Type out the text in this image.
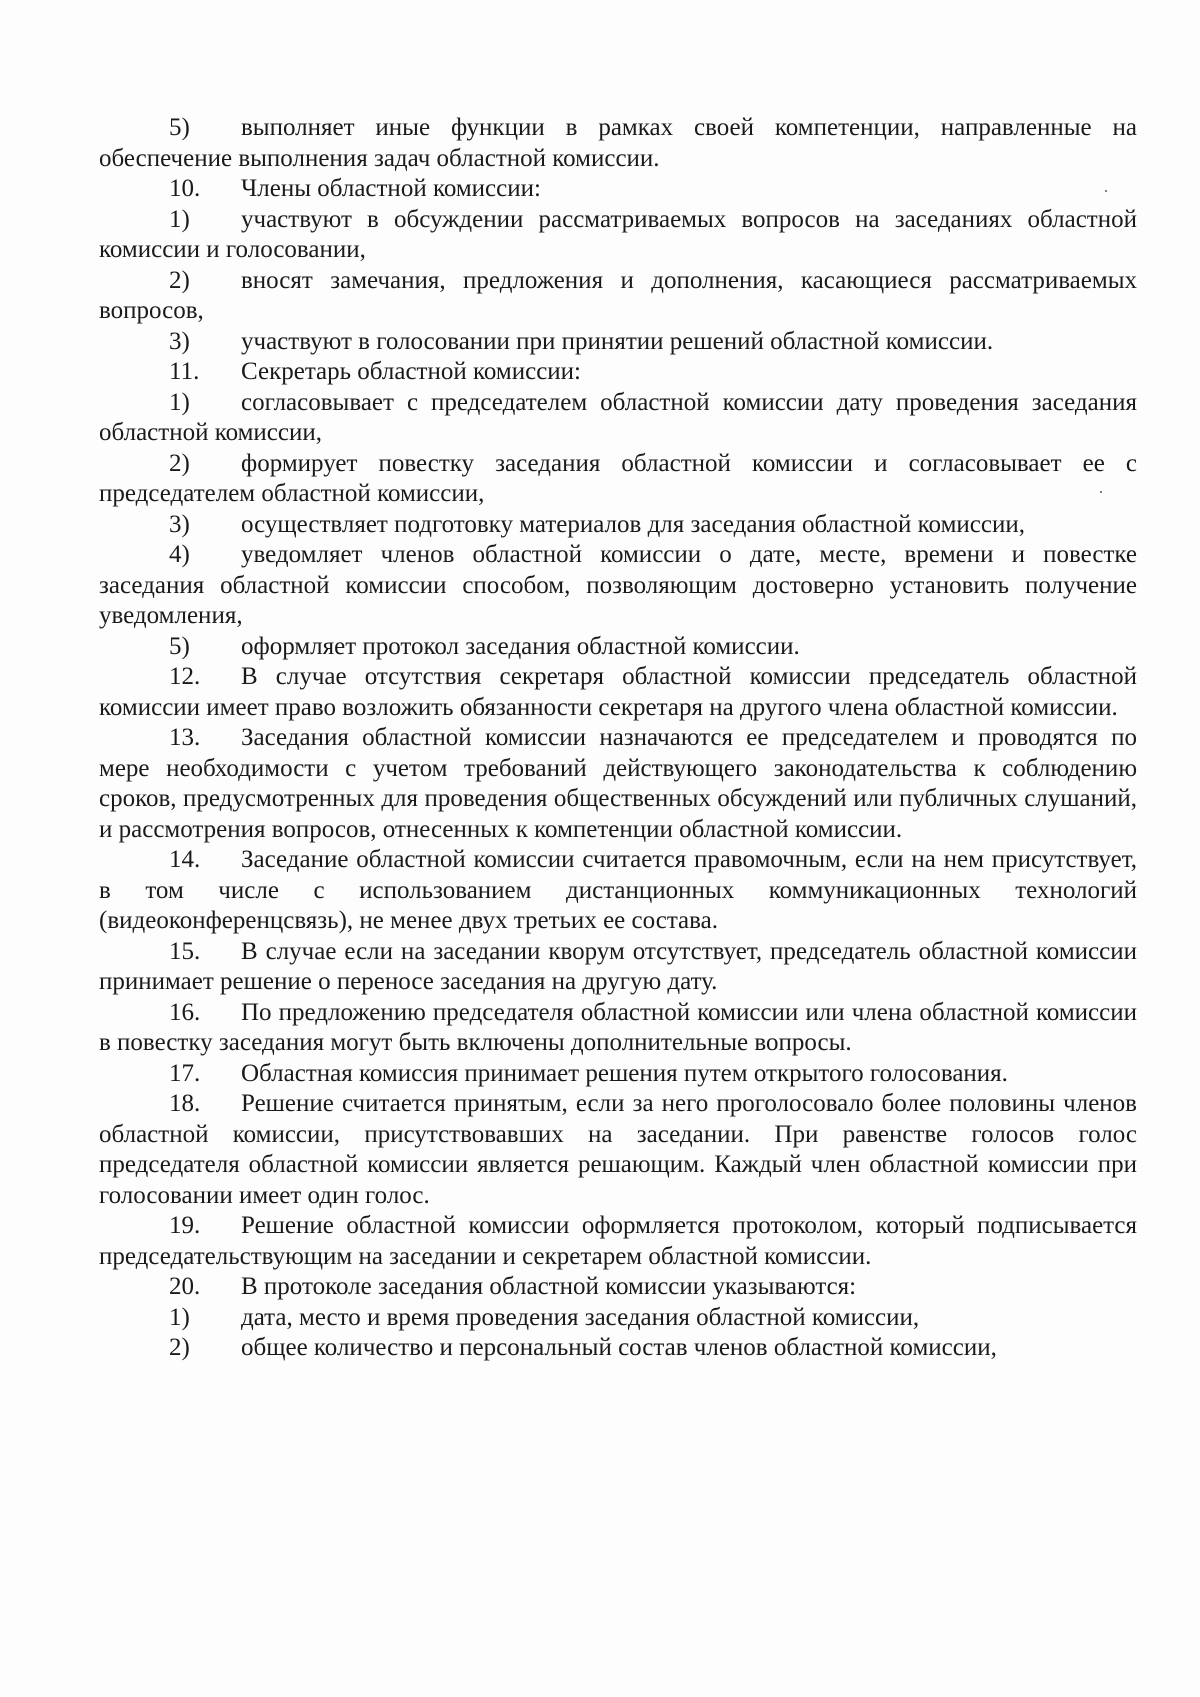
5) выполняет иные функции в рамках своей компетенции, направленные на обеспечение выполнения задач областной комиссии.

10. Члены областной комиссии:

1) участвуют в обсуждении рассматриваемых вопросов на заседаниях областной комиссии и голосовании,

2) вносят замечания, предложения и дополнения, касающиеся рассматриваемых вопросов,

3) участвуют в голосовании при принятии решений областной комиссии.

11. Секретарь областной комиссии:

1) согласовывает с председателем областной комиссии дату проведения заседания областной комиссии,

2) формирует повестку заседания областной комиссии и согласовывает ее с председателем областной комиссии,

3) осуществляет подготовку материалов для заседания областной комиссии,

4) уведомляет членов областной комиссии о дате, месте, времени и повестке заседания областной комиссии способом, позволяющим достоверно установить получение уведомления,

5) оформляет протокол заседания областной комиссии.

12. В случае отсутствия секретаря областной комиссии председатель областной комиссии имеет право возложить обязанности секретаря на другого члена областной комиссии.

13. Заседания областной комиссии назначаются ее председателем и проводятся по мере необходимости с учетом требований действующего законодательства к соблюдению сроков, предусмотренных для проведения общественных обсуждений или публичных слушаний, и рассмотрения вопросов, отнесенных к компетенции областной комиссии.

14. Заседание областной комиссии считается правомочным, если на нем присутствует, в том числе с использованием дистанционных коммуникационных технологий (видеоконференцсвязь), не менее двух третьих ее состава.

15. В случае если на заседании кворум отсутствует, председатель областной комиссии принимает решение о переносе заседания на другую дату.

16. По предложению председателя областной комиссии или члена областной комиссии в повестку заседания могут быть включены дополнительные вопросы.

17. Областная комиссия принимает решения путем открытого голосования.

18. Решение считается принятым, если за него проголосовало более половины членов областной комиссии, присутствовавших на заседании. При равенстве голосов голос председателя областной комиссии является решающим. Каждый член областной комиссии при голосовании имеет один голос.

19. Решение областной комиссии оформляется протоколом, который подписывается председательствующим на заседании и секретарем областной комиссии.

20. В протоколе заседания областной комиссии указываются:

1) дата, место и время проведения заседания областной комиссии,

2) общее количество и персональный состав членов областной комиссии,
